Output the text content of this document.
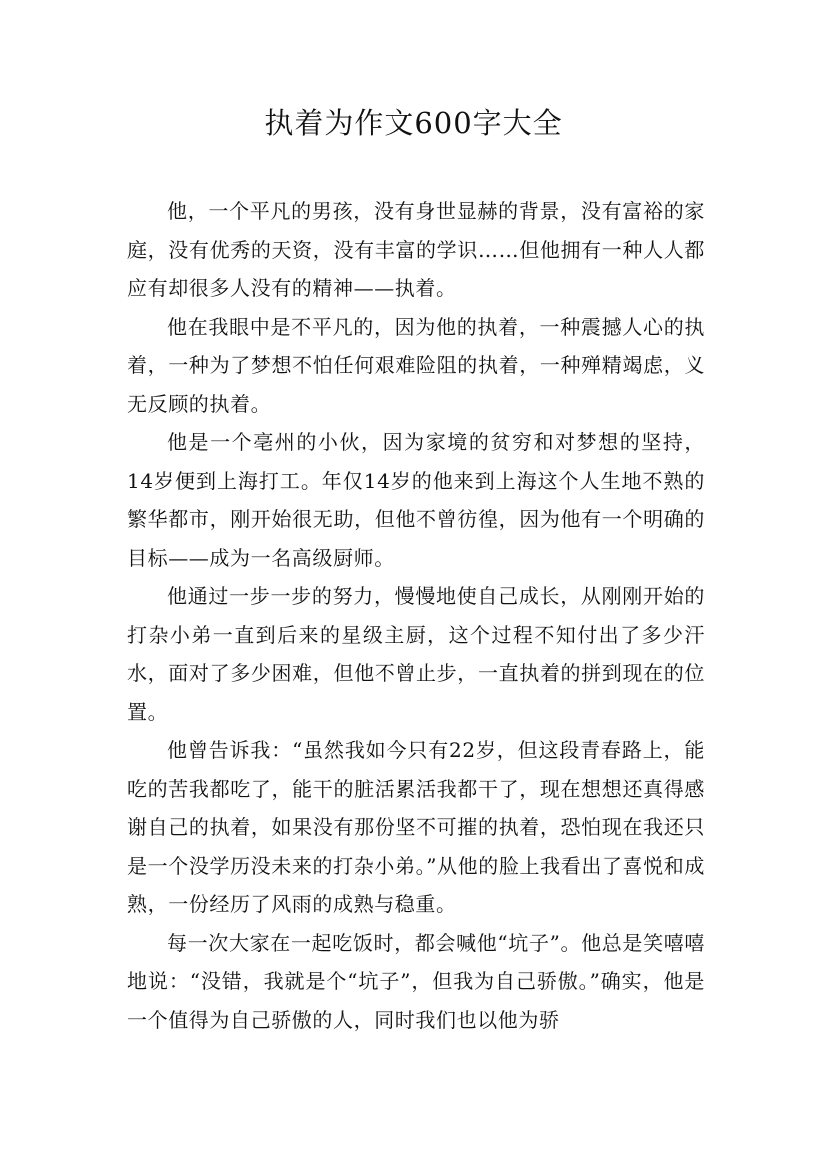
执着为作文600字大全

他，一个平凡的男孩，没有身世显赫的背景，没有富裕的家庭，没有优秀的天资，没有丰富的学识……但他拥有一种人人都应有却很多人没有的精神——执着。

他在我眼中是不平凡的，因为他的执着，一种震撼人心的执着，一种为了梦想不怕任何艰难险阻的执着，一种殚精竭虑，义无反顾的执着。

他是一个亳州的小伙，因为家境的贫穷和对梦想的坚持，14岁便到上海打工。年仅14岁的他来到上海这个人生地不熟的繁华都市，刚开始很无助，但他不曾彷徨，因为他有一个明确的目标——成为一名高级厨师。

他通过一步一步的努力，慢慢地使自己成长，从刚刚开始的打杂小弟一直到后来的星级主厨，这个过程不知付出了多少汗水，面对了多少困难，但他不曾止步，一直执着的拼到现在的位置。

他曾告诉我：“虽然我如今只有22岁，但这段青春路上，能吃的苦我都吃了，能干的脏活累活我都干了，现在想想还真得感谢自己的执着，如果没有那份坚不可摧的执着，恐怕现在我还只是一个没学历没未来的打杂小弟。”从他的脸上我看出了喜悦和成熟，一份经历了风雨的成熟与稳重。

每一次大家在一起吃饭时，都会喊他“坑子”。他总是笑嘻嘻地说：“没错，我就是个“坑子”，但我为自己骄傲。”确实，他是一个值得为自己骄傲的人，同时我们也以他为骄
